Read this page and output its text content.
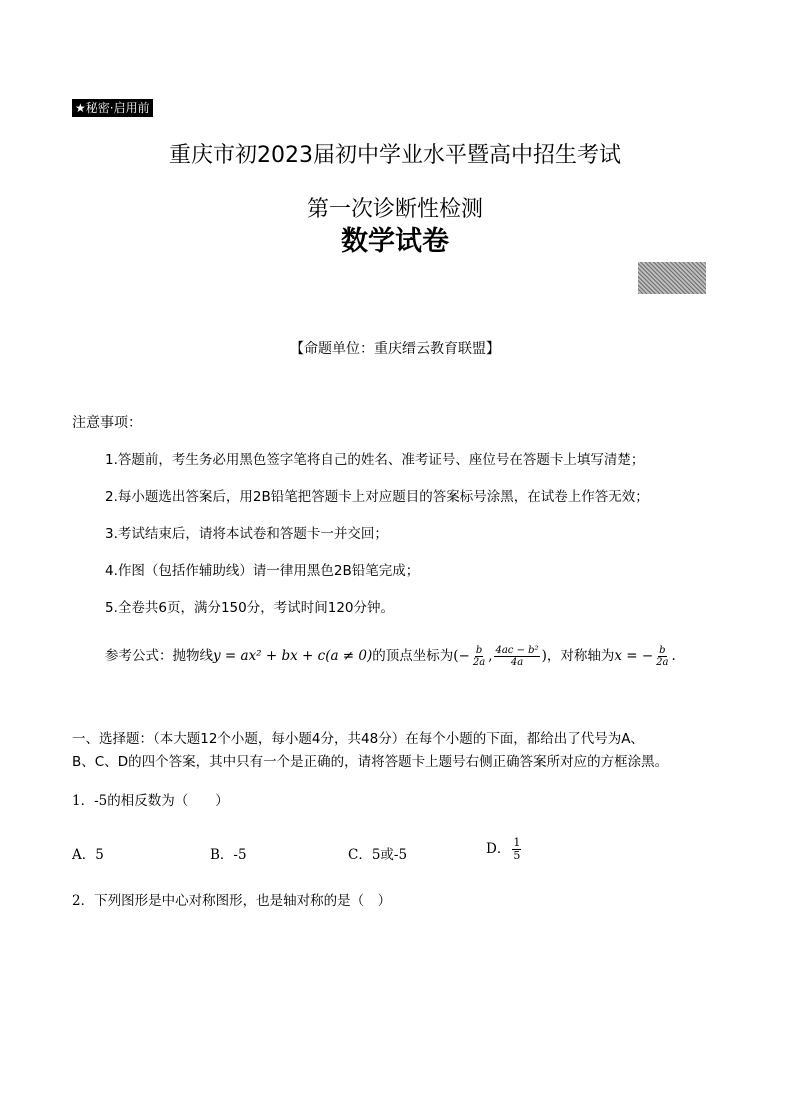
★秘密·启用前
重庆市初2023届初中学业水平暨高中招生考试
第一次诊断性检测
数学试卷
【命题单位：重庆缙云教育联盟】
注意事项：
1.答题前，考生务必用黑色签字笔将自己的姓名、准考证号、座位号在答题卡上填写清楚；
2.每小题选出答案后，用2B铅笔把答题卡上对应题目的答案标号涂黑，在试卷上作答无效；
3.考试结束后，请将本试卷和答题卡一并交回；
4.作图（包括作辅助线）请一律用黑色2B铅笔完成；
5.全卷共6页，满分150分，考试时间120分钟。
参考公式：抛物线y = ax² + bx + c(a ≠ 0)的顶点坐标为(− $\frac{b}{2a}$ , $\frac{\text{4ac − b²}}{4a}$ )，对称轴为x = − $\frac{b}{2a}$ .
一、选择题：（本大题12个小题，每小题4分，共48分）在每个小题的下面，都给出了代号为A、
B、C、D的四个答案，其中只有一个是正确的，请将答题卡上题号右侧正确答案所对应的方框涂黑。
1．-5的相反数为（　　）
A．5	B．-5	C．5或-5	D． $\frac{1}{5}$
2．下列图形是中心对称图形，也是轴对称的是（　）
